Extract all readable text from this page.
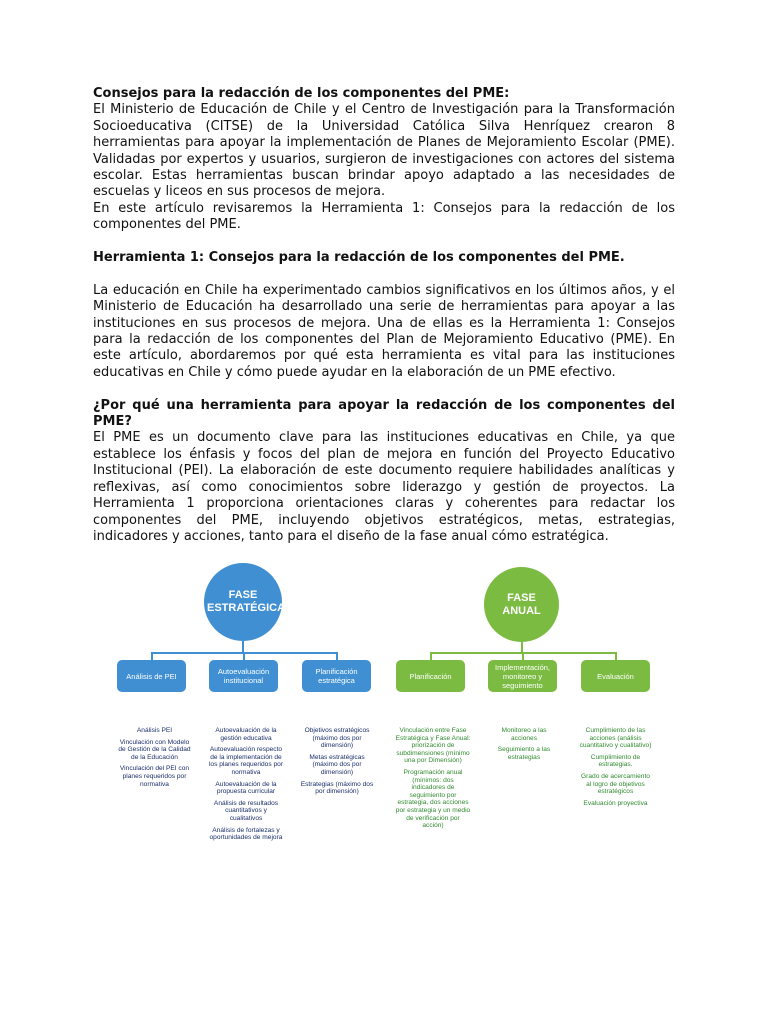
Consejos para la redacción de los componentes del PME:

El Ministerio de Educación de Chile y el Centro de Investigación para la Transformación Socioeducativa (CITSE) de la Universidad Católica Silva Henríquez crearon 8 herramientas para apoyar la implementación de Planes de Mejoramiento Escolar (PME). Validadas por expertos y usuarios, surgieron de investigaciones con actores del sistema escolar. Estas herramientas buscan brindar apoyo adaptado a las necesidades de escuelas y liceos en sus procesos de mejora.

En este artículo revisaremos la Herramienta 1: Consejos para la redacción de los componentes del PME.

Herramienta 1: Consejos para la redacción de los componentes del PME.

La educación en Chile ha experimentado cambios significativos en los últimos años, y el Ministerio de Educación ha desarrollado una serie de herramientas para apoyar a las instituciones en sus procesos de mejora. Una de ellas es la Herramienta 1: Consejos para la redacción de los componentes del Plan de Mejoramiento Educativo (PME). En este artículo, abordaremos por qué esta herramienta es vital para las instituciones educativas en Chile y cómo puede ayudar en la elaboración de un PME efectivo.

¿Por qué una herramienta para apoyar la redacción de los componentes del PME?

El PME es un documento clave para las instituciones educativas en Chile, ya que establece los énfasis y focos del plan de mejora en función del Proyecto Educativo Institucional (PEI). La elaboración de este documento requiere habilidades analíticas y reflexivas, así como conocimientos sobre liderazgo y gestión de proyectos. La Herramienta 1 proporciona orientaciones claras y coherentes para redactar los componentes del PME, incluyendo objetivos estratégicos, metas, estrategias, indicadores y acciones, tanto para el diseño de la fase anual cómo estratégica.

FASE ESTRATÉGICA
Análisis de PEI	Autoevaluación institucional
Planificación estratégica
Análisis PEI
Vinculación con Modelo de Gestión de la Calidad de la Educación
Vinculación del PEI con planes requeridos por normativa
Autoevaluación de la gestión educativa
Autoevaluación respecto de la implementación de los planes requeridos por normativa
Autoevaluación de la propuesta curricular
Análisis de resultados cuantitativos y cualitativos
Análisis de fortalezas y oportunidades de mejora
Objetivos estratégicos (máximo dos por dimensión)
Metas estratégicas (máximo dos por dimensión)
Estrategias (máximo dos por dimensión)
FASE ANUAL
Planificación
Implementación, monitoreo y seguimiento
Evaluación
Vinculación entre Fase Estratégica y Fase Anual: priorización de subdimensiones (mínimo una por Dimensión)
Programación anual (mínimos: dos indicadores de seguimiento por estrategia, dos acciones por estrategia y un medio de verificación por acción)
Monitoreo a las acciones
Seguimiento a las estrategias
Cumplimiento de las acciones (análisis cuantitativo y cualitativo)
Cumplimiento de estrategias.
Grado de acercamiento al logro de objetivos estratégicos
Evaluación proyectiva
